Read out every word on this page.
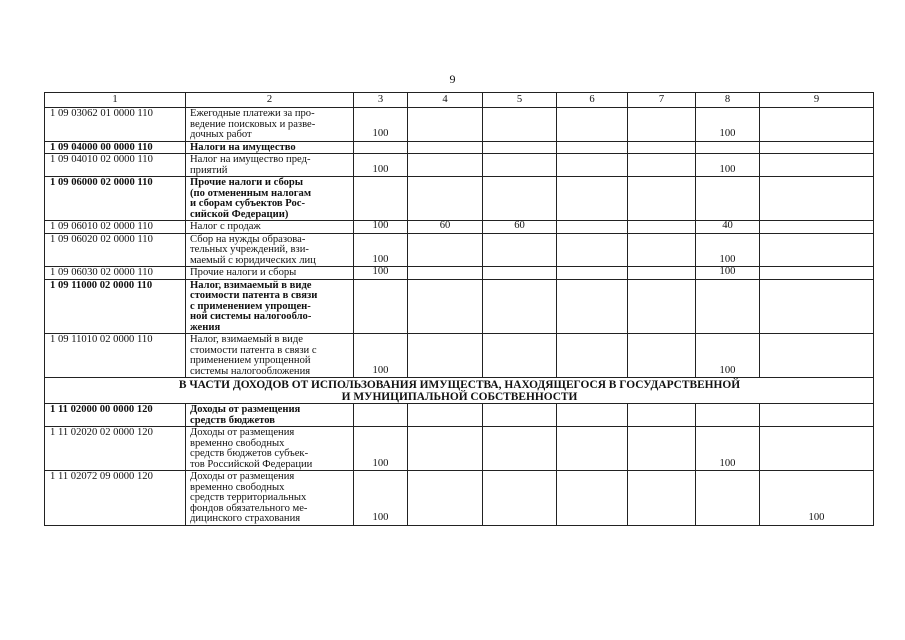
9
1	2	3	4	5	6	7	8	9
1 09 03062 01 0000 110	Ежегодные платежи за про-
ведение поисковых и разве-
дочных работ	100					100	
1 09 04000 00 0000 110	Налоги на имущество							
1 09 04010 02 0000 110	Налог на имущество пред-
приятий	100					100	
1 09 06000 02 0000 110	Прочие налоги и сборы
(по отмененным налогам
и сборам субъектов Рос-
сийской Федерации)							
1 09 06010 02 0000 110	Налог с продаж	100	60	60			40	
1 09 06020 02 0000 110	Сбор на нужды образова-
тельных учреждений, взи-
маемый с юридических лиц	100					100	
1 09 06030 02 0000 110	Прочие налоги и сборы	100					100	
1 09 11000 02 0000 110	Налог, взимаемый в виде
стоимости патента в связи
с применением упрощен-
ной системы налогообло-
жения							
1 09 11010 02 0000 110	Налог, взимаемый в виде
стоимости патента в связи с
применением упрощенной
системы налогообложения	100					100	
В ЧАСТИ ДОХОДОВ ОТ ИСПОЛЬЗОВАНИЯ ИМУЩЕСТВА, НАХОДЯЩЕГОСЯ В ГОСУДАРСТВЕННОЙ
И МУНИЦИПАЛЬНОЙ СОБСТВЕННОСТИ								
1 11 02000 00 0000 120	Доходы от размещения
средств бюджетов							
1 11 02020 02 0000 120	Доходы от размещения
временно свободных
средств бюджетов субъек-
тов Российской Федерации	100					100	
1 11 02072 09 0000 120	Доходы от размещения
временно свободных
средств территориальных
фондов обязательного ме-
дицинского страхования	100						100
